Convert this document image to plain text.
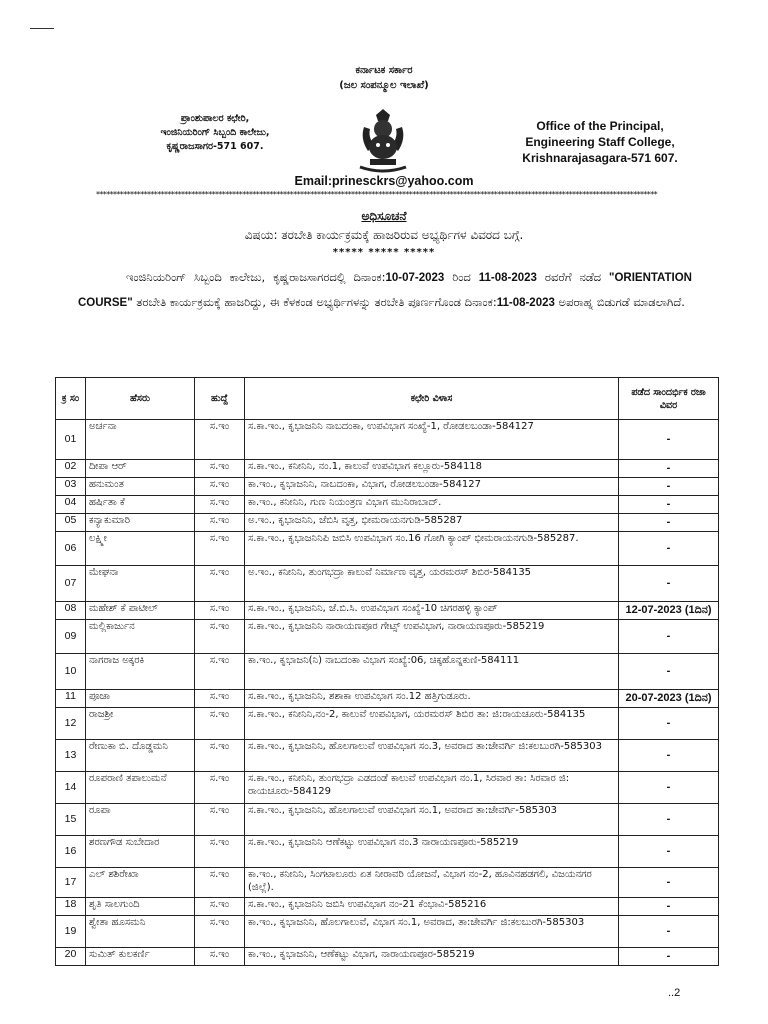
ಕರ್ನಾಟಕ ಸರ್ಕಾರ
(ಜಲ ಸಂಪನ್ಮೂಲ ಇಲಾಖೆ)
ಪ್ರಾಂಶುಪಾಲರ ಕಛೇರಿ,
ಇಂಜಿನಿಯರಿಂಗ್ ಸಿಬ್ಬಂದಿ ಕಾಲೇಜು,
ಕೃಷ್ಣರಾಜಸಾಗರ-571 607.
Office of the Principal,
Engineering Staff College,
Krishnarajasagara-571 607.
Email:prinesckrs@yahoo.com
*********************************************************************************************************************************************************************
ಅಧಿಸೂಚನೆ
ವಿಷಯ: ತರಬೇತಿ ಕಾರ್ಯಕ್ರಮಕ್ಕೆ ಹಾಜರಿರುವ ಅಭ್ಯರ್ಥಿಗಳ ವಿವರದ ಬಗ್ಗೆ.
***** ***** *****
ಇಂಜಿನಿಯರಿಂಗ್ ಸಿಬ್ಬಂದಿ ಕಾಲೇಜು, ಕೃಷ್ಣರಾಜಸಾಗರದಲ್ಲಿ ದಿನಾಂಕ:10-07-2023 ರಿಂದ 11-08-2023 ರವರೆಗೆ ನಡೆದ "ORIENTATION COURSE" ತರಬೇತಿ ಕಾರ್ಯಕ್ರಮಕ್ಕೆ ಹಾಜರಿದ್ದು, ಈ ಕೆಳಕಂಡ ಅಭ್ಯರ್ಥಿಗಳನ್ನು ತರಬೇತಿ ಪೂರ್ಣಗೊಂಡ ದಿನಾಂಕ:11-08-2023 ಅಪರಾಹ್ನ ಬಿಡುಗಡೆ ಮಾಡಲಾಗಿದೆ.
ಕ್ರ ಸಂ	ಹೆಸರು	ಹುದ್ದೆ	ಕಛೇರಿ ವಿಳಾಸ	ಪಡೆದ ಸಾಂದರ್ಭಿಕ ರಜಾ ವಿವರ
01	ಅರ್ಚನಾ	ಸ.ಇಂ	ಸ.ಕಾ.ಇಂ., ಕೃಭಾಜನಿನಿ ನಾಬದಂಕಾ, ಉಪವಿಭಾಗ ಸಂಖ್ಯೆ-1, ರೋಡಲಬಂಡಾ-584127	-
02	ದೀಪಾ ಆರ್	ಸ.ಇಂ	ಸ.ಕಾ.ಇಂ., ಕನೀನಿನಿ, ನಂ.1, ಕಾಲುವೆ ಉಪವಿಭಾಗ ಕಲ್ಲೂರು-584118	-
03	ಹನುಮಂತ	ಸ.ಇಂ	ಕಾ.ಇಂ., ಕೃಭಾಜನಿನಿ, ನಾಬದಂಕಾ, ವಿಭಾಗ, ರೋಡಲಬಂಡಾ-584127	-
04	ಹರ್ಷಿತಾ ಕೆ	ಸ.ಇಂ	ಕಾ.ಇಂ., ಕನೀನಿನಿ, ಗುಣ ನಿಯಂತ್ರಣ ವಿಭಾಗ ಮುನಿರಾಬಾದ್.	-
05	ಕನ್ಯಾಕುಮಾರಿ	ಸ.ಇಂ	ಅ.ಇಂ., ಕೃಭಾಜನಿನಿ, ಜೆಬಿಸಿ ವೃತ್ತ, ಭೀಮರಾಯನಗುಡಿ-585287	-
06	ಲಕ್ಷ್ಮೀ	ಸ.ಇಂ	ಸ.ಕಾ.ಇಂ., ಕೃಭಾಜನಿನಿಪಿ ಜಬಿಸಿ ಉಪವಿಭಾಗ ಸಂ.16 ಗೋಗಿ ಕ್ಯಾಂಪ್ ಭೀಮರಾಯನಗುಡಿ-585287.	-
07	ಮೇಘನಾ	ಸ.ಇಂ	ಅ.ಇಂ., ಕನೀನಿನಿ, ತುಂಗಭದ್ರಾ ಕಾಲುವೆ ನಿರ್ಮಾಣ ವೃತ್ತ, ಯರಮರಸ್ ಶಿಬಿರ-584135	-
08	ಮಹೇಶ್ ಕೆ ಪಾಟೀಲ್	ಸ.ಇಂ	ಸ.ಕಾ.ಇಂ., ಕೃಭಾಜನಿನಿ, ಜೆ.ಬಿ.ಸಿ. ಉಪವಿಭಾಗ ಸಂಖ್ಯೆ-10 ಚಿಗರಹಳ್ಳಿ ಕ್ಯಾಂಪ್	12-07-2023 (1ದಿನ)
09	ಮಲ್ಲಿಕಾರ್ಜುನ	ಸ.ಇಂ	ಸ.ಕಾ.ಇಂ., ಕೃಭಾಜನಿನಿ ನಾರಾಯಣಪೂರ ಗೇಟ್ಸ್ ಉಪವಿಭಾಗ, ನಾರಾಯಣಪೂರು-585219	-
10	ನಾಗರಾಜ ಅಕ್ಕರಕಿ	ಸ.ಇಂ	ಕಾ.ಇಂ., ಕೃಭಾಜನಿ(ನಿ) ನಾಬದಂಕಾ ವಿಭಾಗ ಸಂಖ್ಯೆ:06, ಚಿಕ್ಕಹೊನ್ನಕುಣಿ-584111	-
11	ಪೂಜಾ	ಸ.ಇಂ	ಸ.ಕಾ.ಇಂ., ಕೃಭಾಜನಿನಿ, ಶಶಾಕಾ ಉಪವಿಭಾಗ ಸಂ.12 ಹತ್ತಿಗುಡೂರು.	20-07-2023 (1ದಿನ)
12	ರಾಜಶ್ರೀ	ಸ.ಇಂ	ಸ.ಕಾ.ಇಂ., ಕನೀನಿನಿ,ನಂ-2, ಕಾಲುವೆ ಉಪವಿಭಾಗ, ಯರಮರಸ್ ಶಿಬಿರ ತಾ: ಜಿ:ರಾಯಚೂರು-584135	-
13	ರೇಣುಕಾ ಬಿ. ದೊಡ್ಡಮನಿ	ಸ.ಇಂ	ಸ.ಕಾ.ಇಂ., ಕೃಭಾಜನಿನಿ, ಹೊಲಗಾಲುವೆ ಉಪವಿಭಾಗ ಸಂ.3, ಅವರಾದ ತಾ:ಜೇವರ್ಗಿ ಜಿ:ಕಲಬುರಗಿ-585303	-
14	ರೂಪರಾಣಿ ತಪಾಲುಮನೆ	ಸ.ಇಂ	ಸ.ಕಾ.ಇಂ., ಕನೀನಿನಿ, ತುಂಗಭದ್ರಾ ಎಡದಂಡೆ ಕಾಲುವೆ ಉಪವಿಭಾಗ ನಂ.1, ಸಿರವಾರ ತಾ: ಸಿರವಾರ ಜಿ: ರಾಯಚೂರು-584129	-
15	ರೂಪಾ	ಸ.ಇಂ	ಸ.ಕಾ.ಇಂ., ಕೃಭಾಜನಿನಿ, ಹೊಲಗಾಲುವೆ ಉಪವಿಭಾಗ ಸಂ.1, ಅವರಾದ ತಾ:ಜೇವರ್ಗಿ-585303	-
16	ಶರಣಗೌಡ ಸುಬೇದಾರ	ಸ.ಇಂ	ಸ.ಕಾ.ಇಂ., ಕೃಭಾಜನಿನಿ ಆಣೆಕಟ್ಟು ಉಪವಿಭಾಗ ನಂ.3 ನಾರಾಯಣಪೂರು-585219	-
17	ಎಲ್ ಶಶಿರೇಖಾ	ಸ.ಇಂ	ಕಾ.ಇಂ., ಕನೀನಿನಿ, ಸಿಂಗಟಾಲೂರು ಏತ ನೀರಾವರಿ ಯೋಜನೆ, ವಿಭಾಗ ನಂ-2, ಹೂವಿನಹಡಗಲಿ, ವಿಜಯನಗರ (ಜಿಲ್ಲೆ).	-
18	ಶೃತಿ ಸಾಲಗುಂದಿ	ಸ.ಇಂ	ಸ.ಕಾ.ಇಂ., ಕೃಭಾಜನಿನಿ ಜಬಿಸಿ ಉಪವಿಭಾಗ ನಂ-21 ಕೆಂಭಾವಿ-585216	-
19	ಶ್ವೇತಾ ಹೂಸಮನಿ	ಸ.ಇಂ	ಕಾ.ಇಂ., ಕೃಭಾಜನಿನಿ, ಹೊಲಗಾಲುವೆ, ವಿಭಾಗ ಸಂ.1, ಅವರಾದ, ತಾ:ಜೇವರ್ಗಿ ಜಿ:ಕಲಬುರಗಿ-585303	-
20	ಸುಮಿತ್ ಕುಲಕರ್ಣಿ	ಸ.ಇಂ	ಕಾ.ಇಂ., ಕೃಭಾಜನಿನಿ, ಆಣೆಕಟ್ಟು ವಿಭಾಗ, ನಾರಾಯಣಪೂರ-585219	-
..2
